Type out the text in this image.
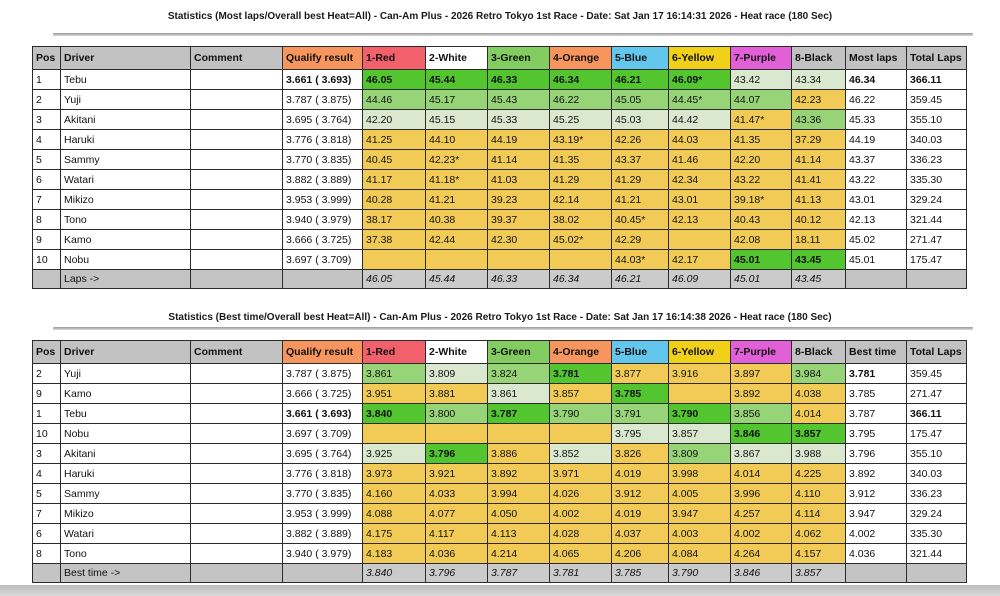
Statistics (Most laps/Overall best Heat=All) - Can-Am Plus - 2026 Retro Tokyo 1st Race - Date: Sat Jan 17 16:14:31 2026 - Heat race (180 Sec)
Pos	Driver	Comment	Qualify result	1-Red	2-White	3-Green	4-Orange	5-Blue	6-Yellow	7-Purple	8-Black	Most laps	Total Laps
1	Tebu		3.661 ( 3.693)	46.05	45.44	46.33	46.34	46.21	46.09*	43.42	43.34	46.34	366.11
2	Yuji		3.787 ( 3.875)	44.46	45.17	45.43	46.22	45.05	44.45*	44.07	42.23	46.22	359.45
3	Akitani		3.695 ( 3.764)	42.20	45.15	45.33	45.25	45.03	44.42	41.47*	43.36	45.33	355.10
4	Haruki		3.776 ( 3.818)	41.25	44.10	44.19	43.19*	42.26	44.03	41.35	37.29	44.19	340.03
5	Sammy		3.770 ( 3.835)	40.45	42.23*	41.14	41.35	43.37	41.46	42.20	41.14	43.37	336.23
6	Watari		3.882 ( 3.889)	41.17	41.18*	41.03	41.29	41.29	42.34	43.22	41.41	43.22	335.30
7	Mikizo		3.953 ( 3.999)	40.28	41.21	39.23	42.14	41.21	43.01	39.18*	41.13	43.01	329.24
8	Tono		3.940 ( 3.979)	38.17	40.38	39.37	38.02	40.45*	42.13	40.43	40.12	42.13	321.44
9	Kamo		3.666 ( 3.725)	37.38	42.44	42.30	45.02*	42.29		42.08	18.11	45.02	271.47
10	Nobu		3.697 ( 3.709)					44.03*	42.17	45.01	43.45	45.01	175.47
	Laps ->			46.05	45.44	46.33	46.34	46.21	46.09	45.01	43.45		
Statistics (Best time/Overall best Heat=All) - Can-Am Plus - 2026 Retro Tokyo 1st Race - Date: Sat Jan 17 16:14:38 2026 - Heat race (180 Sec)
Pos	Driver	Comment	Qualify result	1-Red	2-White	3-Green	4-Orange	5-Blue	6-Yellow	7-Purple	8-Black	Best time	Total Laps
2	Yuji		3.787 ( 3.875)	3.861	3.809	3.824	3.781	3.877	3.916	3.897	3.984	3.781	359.45
9	Kamo		3.666 ( 3.725)	3.951	3.881	3.861	3.857	3.785		3.892	4.038	3.785	271.47
1	Tebu		3.661 ( 3.693)	3.840	3.800	3.787	3.790	3.791	3.790	3.856	4.014	3.787	366.11
10	Nobu		3.697 ( 3.709)					3.795	3.857	3.846	3.857	3.795	175.47
3	Akitani		3.695 ( 3.764)	3.925	3.796	3.886	3.852	3.826	3.809	3.867	3.988	3.796	355.10
4	Haruki		3.776 ( 3.818)	3.973	3.921	3.892	3.971	4.019	3.998	4.014	4.225	3.892	340.03
5	Sammy		3.770 ( 3.835)	4.160	4.033	3.994	4.026	3.912	4.005	3.996	4.110	3.912	336.23
7	Mikizo		3.953 ( 3.999)	4.088	4.077	4.050	4.002	4.019	3.947	4.257	4.114	3.947	329.24
6	Watari		3.882 ( 3.889)	4.175	4.117	4.113	4.028	4.037	4.003	4.002	4.062	4.002	335.30
8	Tono		3.940 ( 3.979)	4.183	4.036	4.214	4.065	4.206	4.084	4.264	4.157	4.036	321.44
	Best time ->			3.840	3.796	3.787	3.781	3.785	3.790	3.846	3.857		
